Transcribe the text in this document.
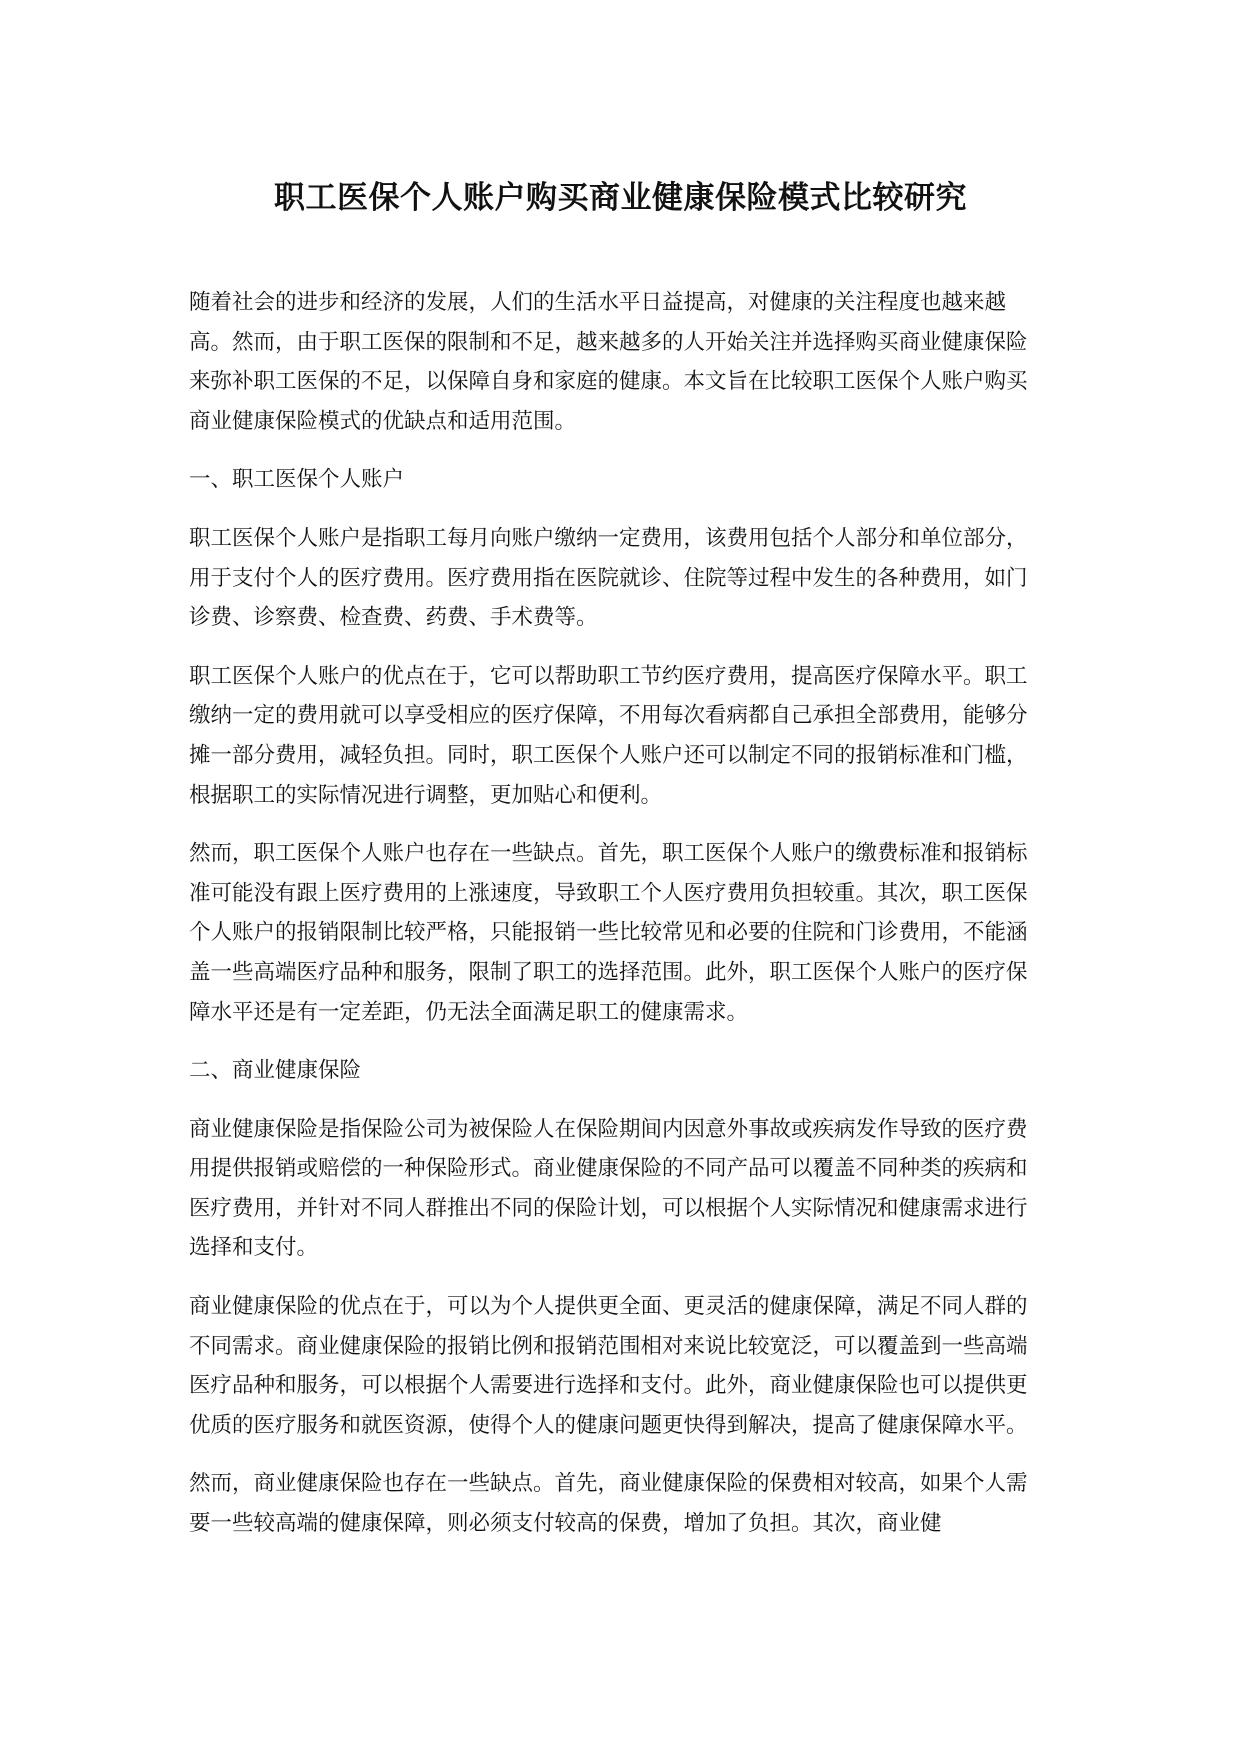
职工医保个人账户购买商业健康保险模式比较研究

随着社会的进步和经济的发展，人们的生活水平日益提高，对健康的关注程度也越来越高。然而，由于职工医保的限制和不足，越来越多的人开始关注并选择购买商业健康保险来弥补职工医保的不足，以保障自身和家庭的健康。本文旨在比较职工医保个人账户购买商业健康保险模式的优缺点和适用范围。

一、职工医保个人账户

职工医保个人账户是指职工每月向账户缴纳一定费用，该费用包括个人部分和单位部分，用于支付个人的医疗费用。医疗费用指在医院就诊、住院等过程中发生的各种费用，如门诊费、诊察费、检查费、药费、手术费等。

职工医保个人账户的优点在于，它可以帮助职工节约医疗费用，提高医疗保障水平。职工缴纳一定的费用就可以享受相应的医疗保障，不用每次看病都自己承担全部费用，能够分摊一部分费用，减轻负担。同时，职工医保个人账户还可以制定不同的报销标准和门槛，根据职工的实际情况进行调整，更加贴心和便利。

然而，职工医保个人账户也存在一些缺点。首先，职工医保个人账户的缴费标准和报销标准可能没有跟上医疗费用的上涨速度，导致职工个人医疗费用负担较重。其次，职工医保个人账户的报销限制比较严格，只能报销一些比较常见和必要的住院和门诊费用，不能涵盖一些高端医疗品种和服务，限制了职工的选择范围。此外，职工医保个人账户的医疗保障水平还是有一定差距，仍无法全面满足职工的健康需求。

二、商业健康保险

商业健康保险是指保险公司为被保险人在保险期间内因意外事故或疾病发作导致的医疗费用提供报销或赔偿的一种保险形式。商业健康保险的不同产品可以覆盖不同种类的疾病和医疗费用，并针对不同人群推出不同的保险计划，可以根据个人实际情况和健康需求进行选择和支付。

商业健康保险的优点在于，可以为个人提供更全面、更灵活的健康保障，满足不同人群的不同需求。商业健康保险的报销比例和报销范围相对来说比较宽泛，可以覆盖到一些高端医疗品种和服务，可以根据个人需要进行选择和支付。此外，商业健康保险也可以提供更优质的医疗服务和就医资源，使得个人的健康问题更快得到解决，提高了健康保障水平。

然而，商业健康保险也存在一些缺点。首先，商业健康保险的保费相对较高，如果个人需要一些较高端的健康保障，则必须支付较高的保费，增加了负担。其次，商业健
